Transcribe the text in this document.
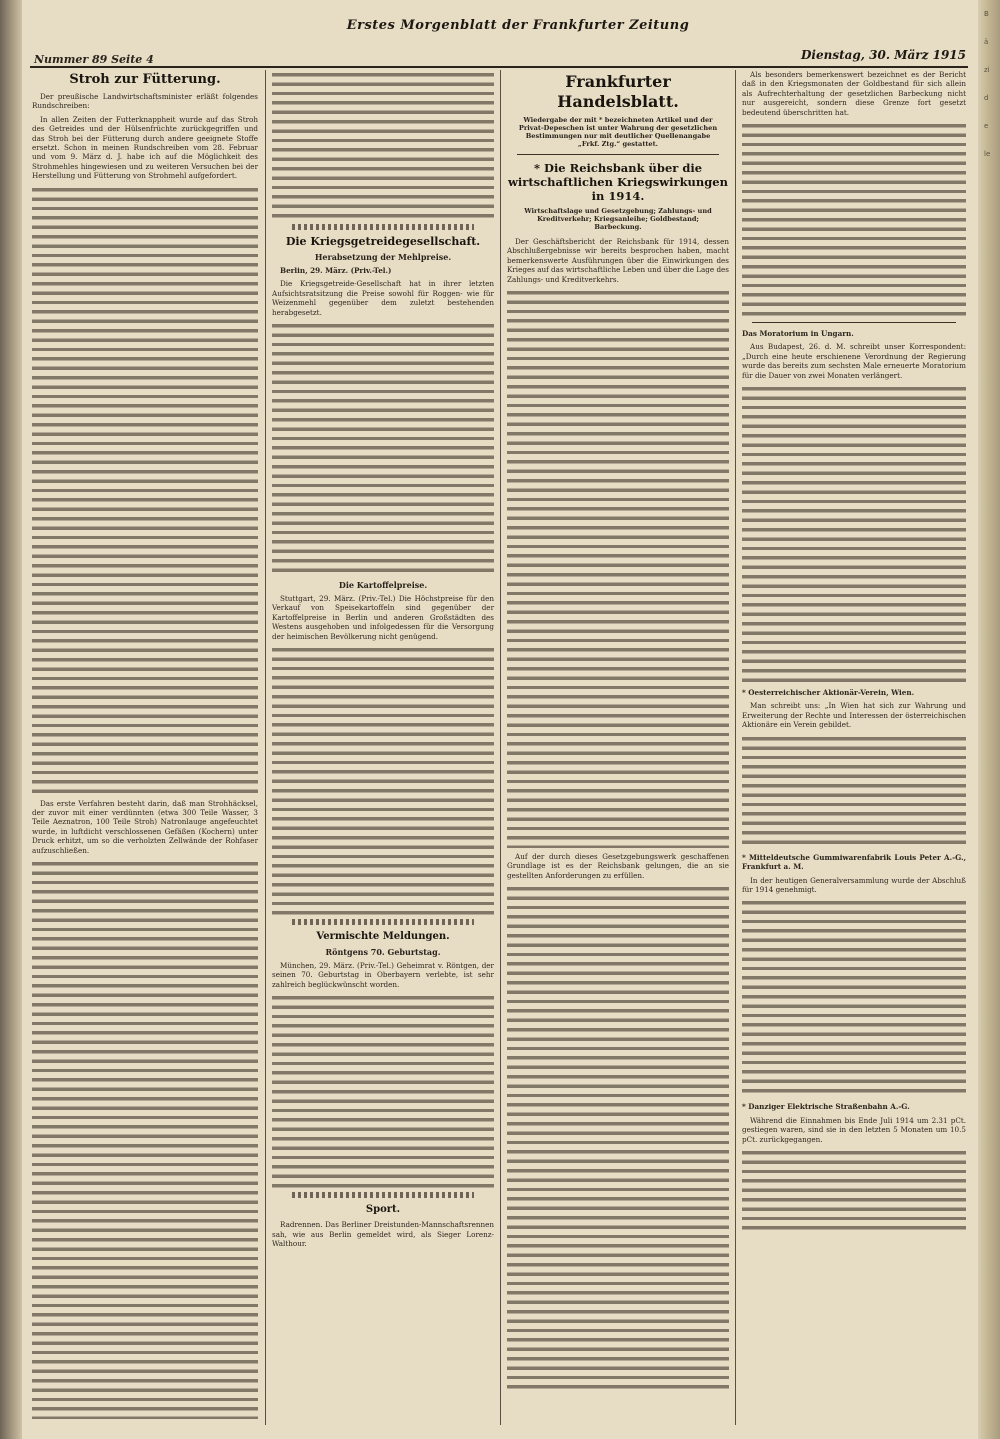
Erstes Morgenblatt der Frankfurter Zeitung
Nummer 89 Seite 4	Dienstag, 30. März 1915
Stroh zur Fütterung.

Der preußische Landwirtschaftsminister erläßt folgendes Rundschreiben:

In allen Zeiten der Futterknappheit wurde auf das Stroh des Getreides und der Hülsenfrüchte zurückgegriffen und das Stroh bei der Fütterung durch andere geeignete Stoffe ersetzt. Schon in meinen Rundschreiben vom 28. Februar und vom 9. März d. J. habe ich auf die Möglichkeit des Strohmehles hingewiesen und zu weiteren Versuchen bei der Herstellung und Fütterung von Strohmehl aufgefordert.

Das erste Verfahren besteht darin, daß man Strohhäcksel, der zuvor mit einer verdünnten (etwa 300 Teile Wasser, 3 Teile Aeznatron, 100 Teile Stroh) Natronlauge angefeuchtet wurde, in luftdicht verschlossenen Gefäßen (Kochern) unter Druck erhitzt, um so die verholzten Zellwände der Rohfaser aufzuschließen.

Die Kriegsgetreidegesellschaft.
Herabsetzung der Mehlpreise.

Berlin, 29. März. (Priv.-Tel.)

Die Kriegsgetreide-Gesellschaft hat in ihrer letzten Aufsichtsratsitzung die Preise sowohl für Roggen- wie für Weizenmehl gegenüber dem zuletzt bestehenden herabgesetzt.

Die Kartoffelpreise.

Stuttgart, 29. März. (Priv.-Tel.) Die Höchstpreise für den Verkauf von Speisekartoffeln sind gegenüber der Kartoffelpreise in Berlin und anderen Großstädten des Westens ausgehoben und infolgedessen für die Versorgung der heimischen Bevölkerung nicht genügend.

Vermischte Meldungen.
Röntgens 70. Geburtstag.

München, 29. März. (Priv.-Tel.) Geheimrat v. Röntgen, der seinen 70. Geburtstag in Oberbayern verlebte, ist sehr zahlreich beglückwünscht worden.

Sport.

Radrennen. Das Berliner Dreistunden-Mannschaftsrennen sah, wie aus Berlin gemeldet wird, als Sieger Lorenz-Walthour.

Frankfurter Handelsblatt.
Wiedergabe der mit * bezeichneten Artikel und der Privat-Depeschen ist unter Wahrung der gesetzlichen Bestimmungen nur mit deutlicher Quellenangabe „Frkf. Ztg.“ gestattet.
* Die Reichsbank über die wirtschaftlichen Kriegswirkungen in 1914.
Wirtschaftslage und Gesetzgebung; Zahlungs- und Kreditverkehr; Kriegsanleihe; Goldbestand; Barbeckung.

Der Geschäftsbericht der Reichsbank für 1914, dessen Abschlußergebnisse wir bereits besprochen haben, macht bemerkenswerte Ausführungen über die Einwirkungen des Krieges auf das wirtschaftliche Leben und über die Lage des Zahlungs- und Kreditverkehrs.

Auf der durch dieses Gesetzgebungswerk geschaffenen Grundlage ist es der Reichsbank gelungen, die an sie gestellten Anforderungen zu erfüllen.

Als besonders bemerkenswert bezeichnet es der Bericht daß in den Kriegsmonaten der Goldbestand für sich allein als Aufrechterhaltung der gesetzlichen Barbeckung nicht nur ausgereicht, sondern diese Grenze fort gesetzt bedeutend überschritten hat.

Das Moratorium in Ungarn.

Aus Budapest, 26. d. M. schreibt unser Korrespondent: „Durch eine heute erschienene Verordnung der Regierung wurde das bereits zum sechsten Male erneuerte Moratorium für die Dauer von zwei Monaten verlängert.

* Oesterreichischer Aktionär-Verein, Wien.

Man schreibt uns: „In Wien hat sich zur Wahrung und Erweiterung der Rechte und Interessen der österreichischen Aktionäre ein Verein gebildet.

* Mitteldeutsche Gummiwarenfabrik Louis Peter A.-G., Frankfurt a. M.

In der heutigen Generalversammlung wurde der Abschluß für 1914 genehmigt.

* Danziger Elektrische Straßenbahn A.-G.

Während die Einnahmen bis Ende Juli 1914 um 2.31 pCt. gestiegen waren, sind sie in den letzten 5 Monaten um 10.5 pCt. zurückgegangen.

B
ä
zi
d
e
le
